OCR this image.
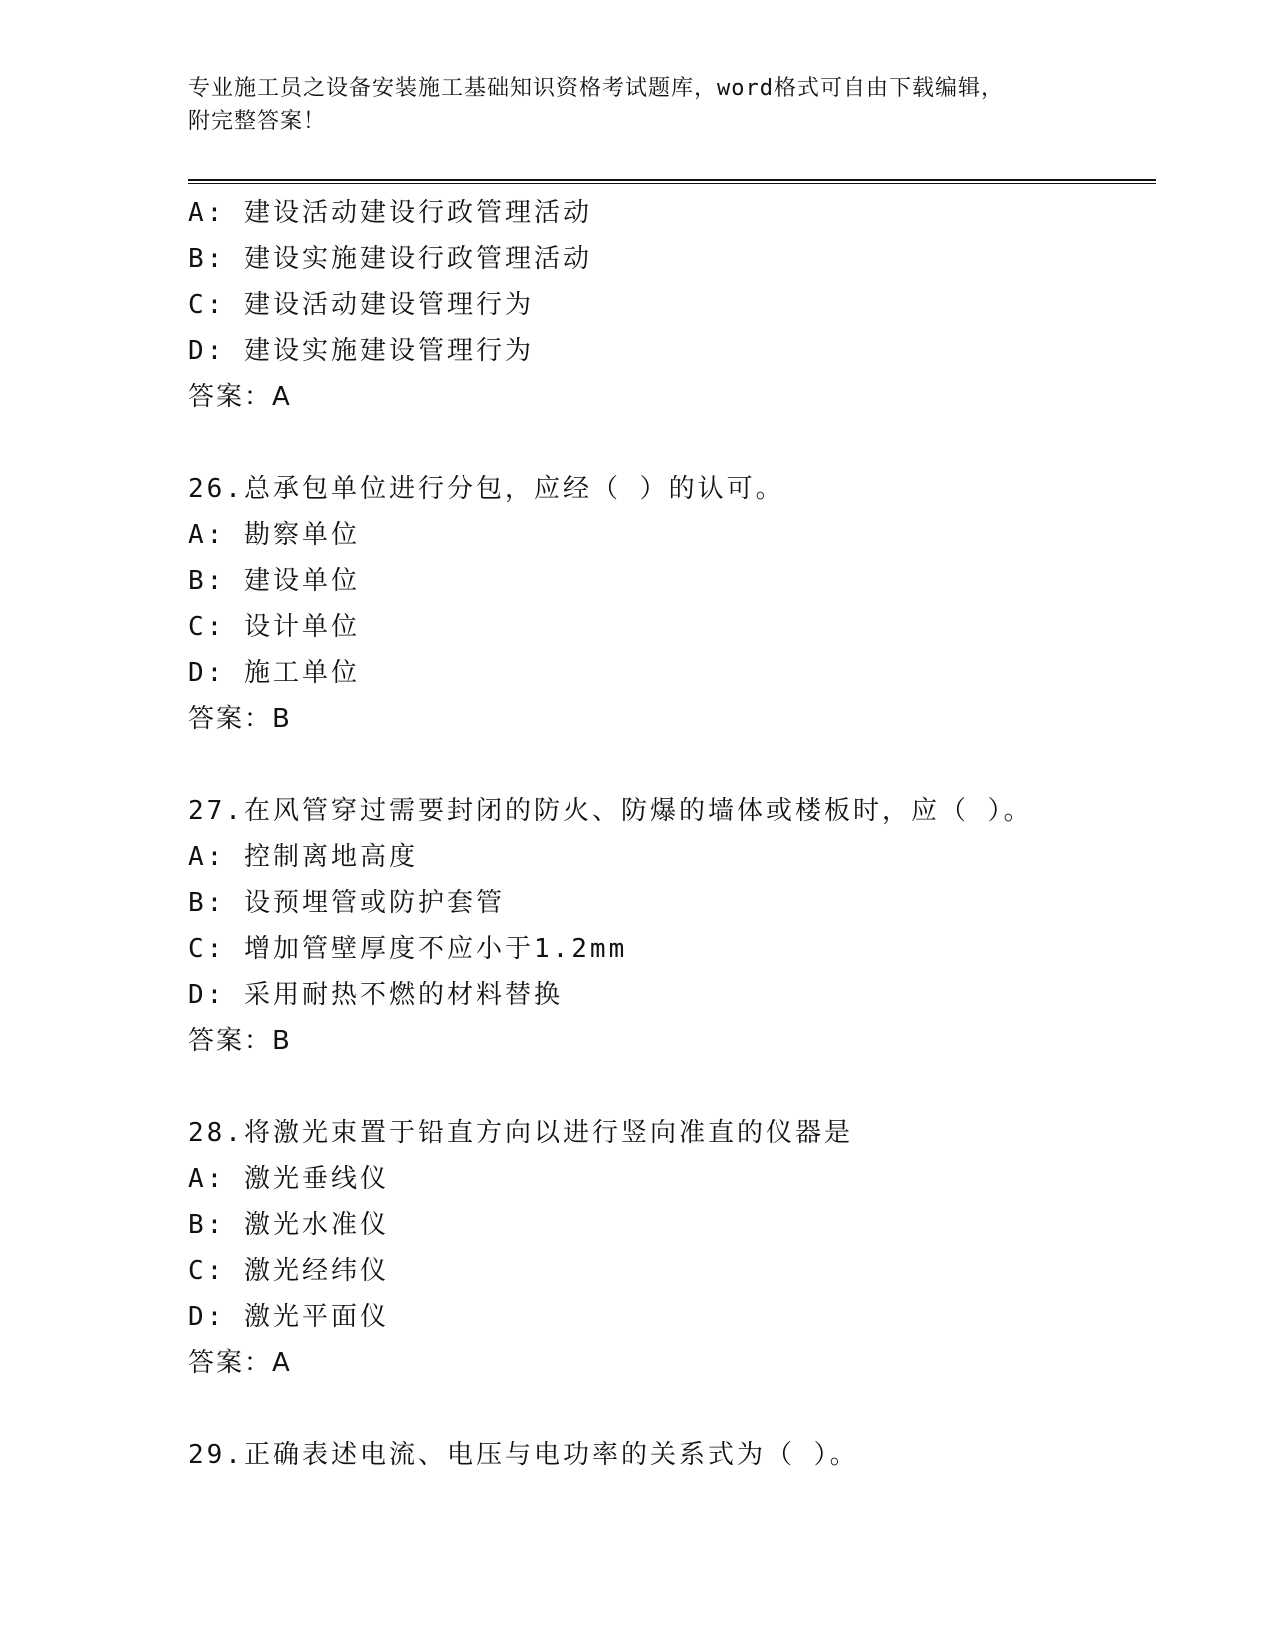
专业施工员之设备安装施工基础知识资格考试题库，word格式可自由下载编辑，
附完整答案！
A: 建设活动建设行政管理活动
B: 建设实施建设行政管理活动
C: 建设活动建设管理行为
D: 建设实施建设管理行为
答案：A
26.总承包单位进行分包，应经（ ）的认可。
A: 勘察单位
B: 建设单位
C: 设计单位
D: 施工单位
答案：B
27.在风管穿过需要封闭的防火、防爆的墙体或楼板时，应（ ）。
A: 控制离地高度
B: 设预埋管或防护套管
C: 增加管壁厚度不应小于1.2mm
D: 采用耐热不燃的材料替换
答案：B
28.将激光束置于铅直方向以进行竖向准直的仪器是
A: 激光垂线仪
B: 激光水准仪
C: 激光经纬仪
D: 激光平面仪
答案：A
29.正确表述电流、电压与电功率的关系式为（ ）。
